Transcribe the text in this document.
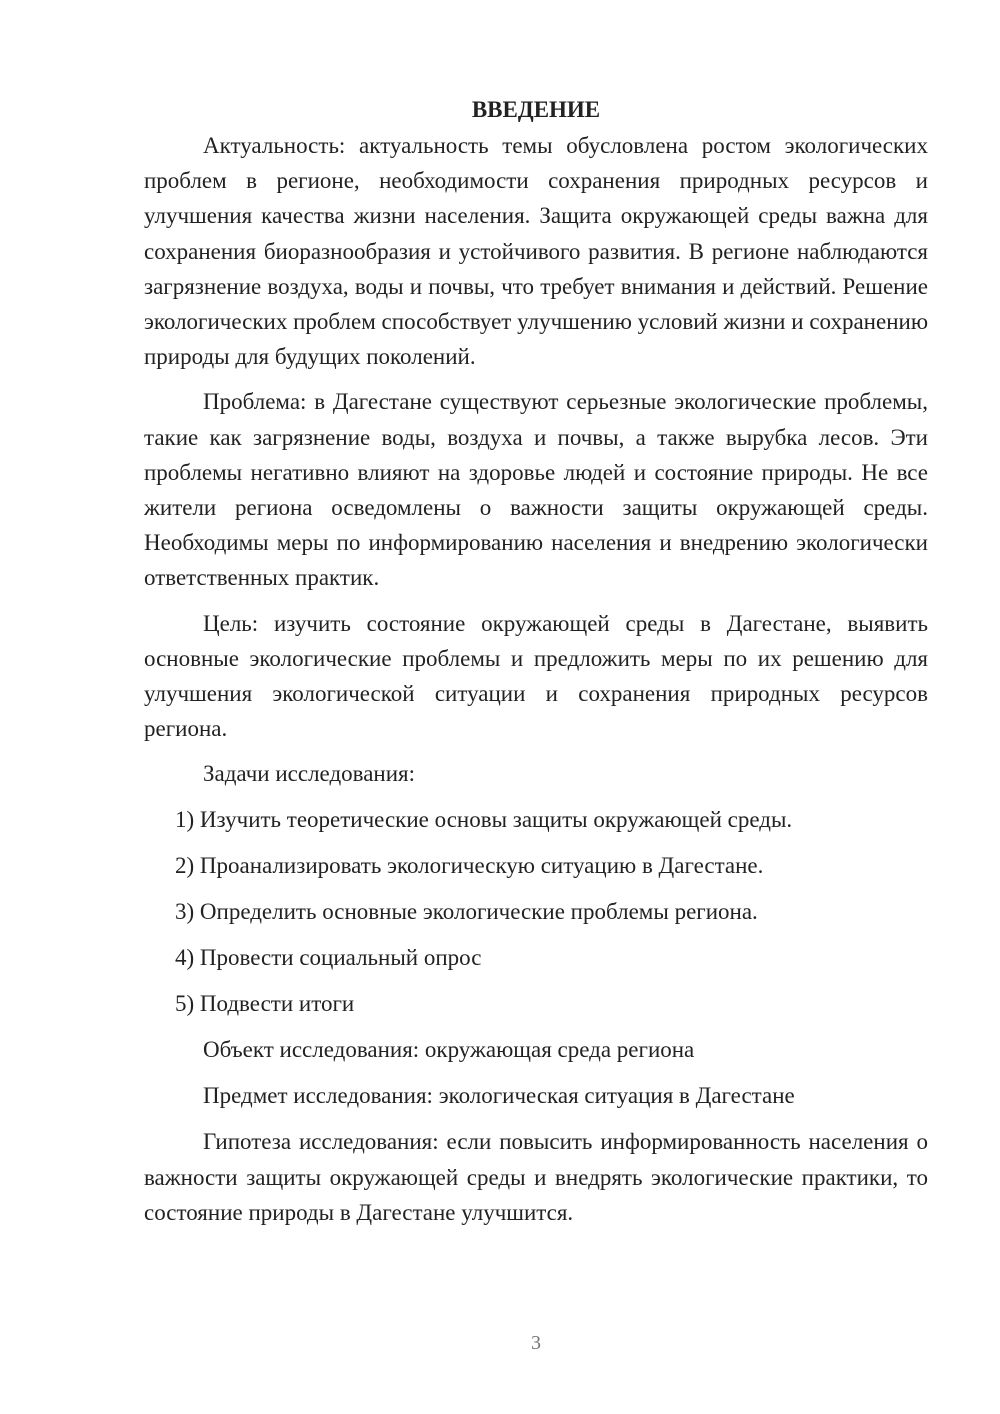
ВВЕДЕНИЕ

Актуальность: актуальность темы обусловлена ростом экологических проблем в регионе, необходимости сохранения природных ресурсов и улучшения качества жизни населения. Защита окружающей среды важна для сохранения биоразнообразия и устойчивого развития. В регионе наблюдаются загрязнение воздуха, воды и почвы, что требует внимания и действий. Решение экологических проблем способствует улучшению условий жизни и сохранению природы для будущих поколений.

Проблема: в Дагестане существуют серьезные экологические проблемы, такие как загрязнение воды, воздуха и почвы, а также вырубка лесов. Эти проблемы негативно влияют на здоровье людей и состояние природы. Не все жители региона осведомлены о важности защиты окружающей среды. Необходимы меры по информированию населения и внедрению экологически ответственных практик.

Цель: изучить состояние окружающей среды в Дагестане, выявить основные экологические проблемы и предложить меры по их решению для улучшения экологической ситуации и сохранения природных ресурсов региона.

Задачи исследования:
1) Изучить теоретические основы защиты окружающей среды.
2) Проанализировать экологическую ситуацию в Дагестане.
3) Определить основные экологические проблемы региона.
4) Провести социальный опрос
5) Подвести итоги
Объект исследования: окружающая среда региона
Предмет исследования: экологическая ситуация в Дагестане

Гипотеза исследования: если повысить информированность населения о важности защиты окружающей среды и внедрять экологические практики, то состояние природы в Дагестане улучшится.

3
